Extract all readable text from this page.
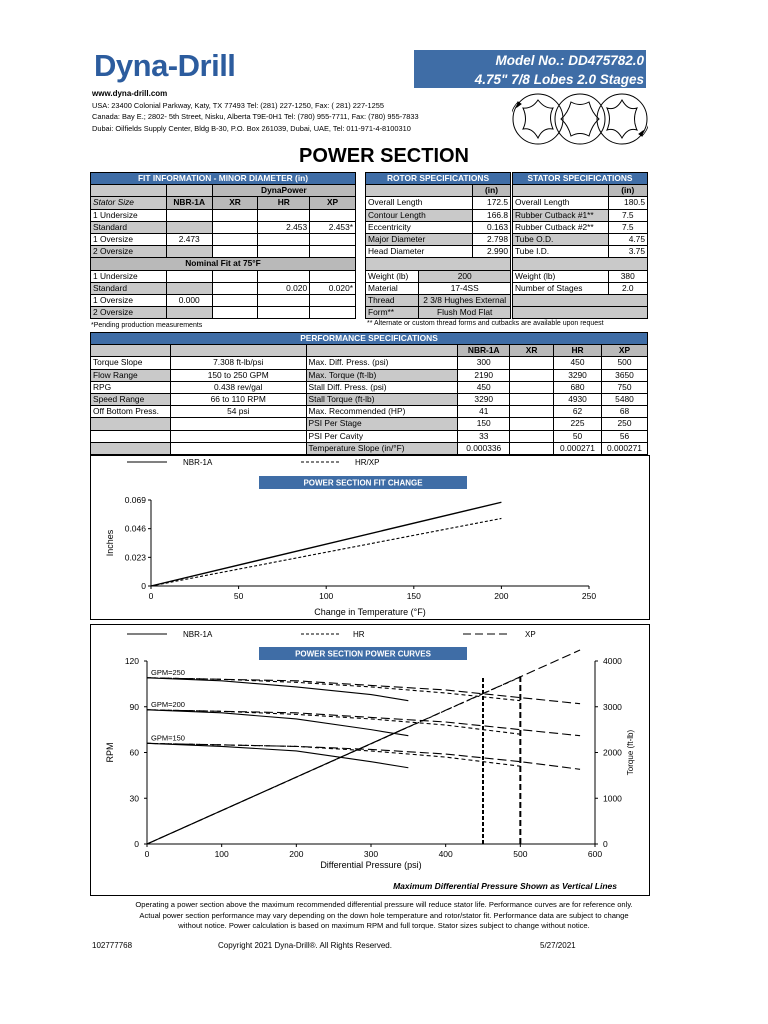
Dyna-Drill
www.dyna-drill.com
USA: 23400 Colonial Parkway, Katy, TX 77493 Tel: (281) 227-1250, Fax: ( 281) 227-1255
Canada: Bay E.; 2802- 5th Street, Nisku, Alberta T9E-0H1 Tel: (780) 955-7711, Fax: (780) 955-7833
Dubai: Oilfields Supply Center, Bldg B-30, P.O. Box 261039, Dubai, UAE, Tel: 011-971-4-8100310
Model No.: DD475782.0
4.75" 7/8 Lobes 2.0 Stages
POWER SECTION
FIT INFORMATION - MINOR DIAMETER (in)				
		DynaPower		
Stator Size	NBR-1A	XR	HR	XP
1 Undersize				
Standard			2.453	2.453*
1 Oversize	2.473			
2 Oversize				
Nominal Fit at 75°F				
1 Undersize				
Standard			0.020	0.020*
1 Oversize	0.000			
2 Oversize				
*Pending production measurements
ROTOR SPECIFICATIONS		
		(in)
Overall Length		172.5
Contour Length		166.8
Eccentricity		0.163
Major Diameter		2.798
Head Diameter		2.990

Weight (lb)	200	
Material	17-4SS	
Thread	2 3/8 Hughes External	
Form**	Flush Mod Flat	
STATOR SPECIFICATIONS	
	(in)
Overall Length	180.5
Rubber Cutback #1**	7.5
Rubber Cutback #2**	7.5
Tube O.D.	4.75
Tube I.D.	3.75

Weight (lb)	380
Number of Stages	2.0

** Alternate or custom thread forms and cutbacks are available upon request
PERFORMANCE SPECIFICATIONS						
			NBR-1A	XR	HR	XP
Torque Slope	7.308 ft-lb/psi	Max. Diff. Press. (psi)	300		450	500
Flow Range	150 to 250 GPM	Max. Torque (ft-lb)	2190		3290	3650
RPG	0.438 rev/gal	Stall Diff. Press. (psi)	450		680	750
Speed Range	66 to 110 RPM	Stall Torque (ft-lb)	3290		4930	5480
Off Bottom Press.	54 psi	Max. Recommended (HP)	41		62	68
		PSI Per Stage	150		225	250
		PSI Per Cavity	33		50	56
		Temperature Slope (in/°F)	0.000336		0.000271	0.000271
NBR-1A	HR/XP
POWER SECTION FIT CHANGE
0	50	100	150	200	250
0
0.023
0.046
0.069
Change in Temperature (°F)
Inches
NBR-1A	HR	XP
POWER SECTION POWER CURVES
0	100	200	300	400	500	600
0
30
60
90
120
0
1000
2000
3000
4000
Differential Pressure (psi)
RPM	Torque (ft-lb)
GPM=250
GPM=200
GPM=150
Maximum Differential Pressure Shown as Vertical Lines
Operating a power section above the maximum recommended differential pressure will reduce stator life. Performance curves are for reference only.
Actual power section performance may vary depending on the down hole temperature and rotor/stator fit. Performance data are subject to change
without notice. Power calculation is based on maximum RPM and full torque. Stator sizes subject to change without notice.
102777768	Copyright 2021 Dyna-Drill®. All Rights Reserved.	5/27/2021
